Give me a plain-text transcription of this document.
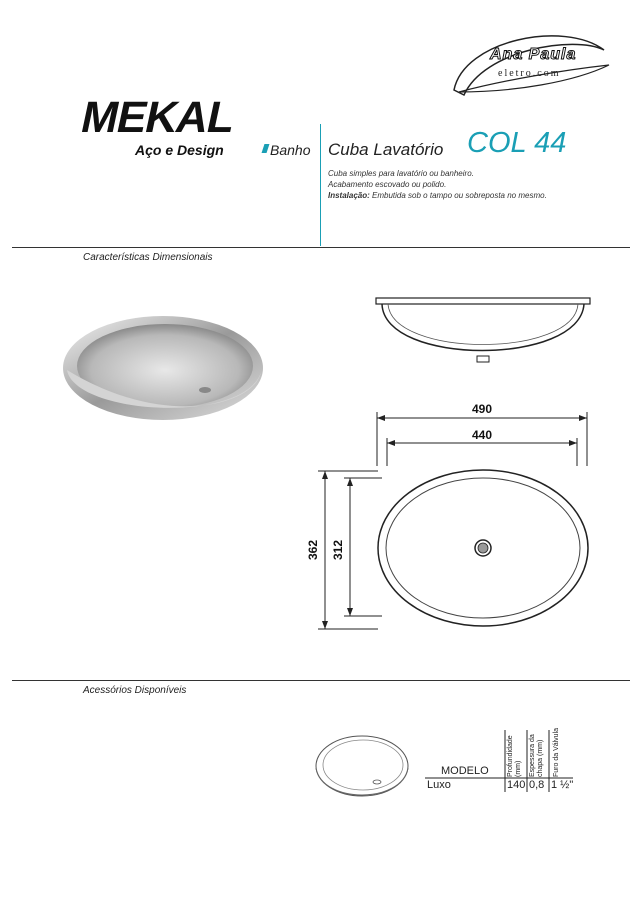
Ana Paula
eletro.com
MEKAL
Aço e Design	Banho Cuba Lavatório COL 44
Cuba simples para lavatório ou banheiro.
Acabamento escovado ou polido.
Instalação: Embutida sob o tampo ou sobreposta no mesmo.
Características Dimensionais
490
440
362 312
Acessórios Disponíveis
MODELO	Profundidade (mm) Espessura da chapa (mm) Furo da Válvula
Luxo	140 0,8 1 ½"
